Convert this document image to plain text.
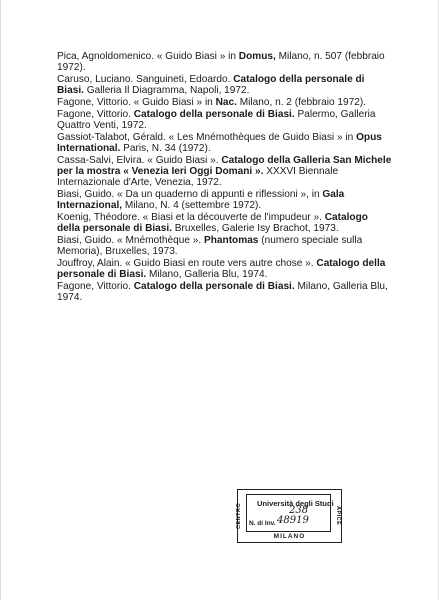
Pica, Agnoldomenico. « Guido Biasi » in Domus, Milano, n. 507 (febbraio 1972).
Caruso, Luciano. Sanguineti, Edoardo. Catalogo della personale di Biasi. Galleria Il Diagramma, Napoli, 1972.
Fagone, Vittorio. « Guido Biasi » in Nac. Milano, n. 2 (febbraio 1972).
Fagone, Vittorio. Catalogo della personale di Biasi. Palermo, Galleria Quattro Venti, 1972.
Gassiot-Talabot, Gérald. « Les Mnémothèques de Guido Biasi » in Opus International. Paris, N. 34 (1972).
Cassa-Salvi, Elvira. « Guido Biasi ». Catalogo della Galleria San Michele per la mostra « Venezia Ieri Oggi Domani ». XXXVI Biennale Internazionale d'Arte, Venezia, 1972.
Biasi, Guido. « Da un quaderno di appunti e riflessioni », in Gala Internazional, Milano, N. 4 (settembre 1972).
Koenig, Théodore. « Biasi et la découverte de l'impudeur ». Catalogo della personale di Biasi. Bruxelles, Galerie Isy Brachot, 1973.
Biasi, Guido. « Mnémothèque ». Phantomas (numero speciale sulla Memoria), Bruxelles, 1973.
Jouffroy, Alain. « Guido Biasi en route vers autre chose ». Catalogo della personale di Biasi. Milano, Galleria Blu, 1974.
Fagone, Vittorio. Catalogo della personale di Biasi. Milano, Galleria Blu, 1974.
CENTRO	Università degli Studi
238
N. di Inv. 48919	APICE
MILANO
